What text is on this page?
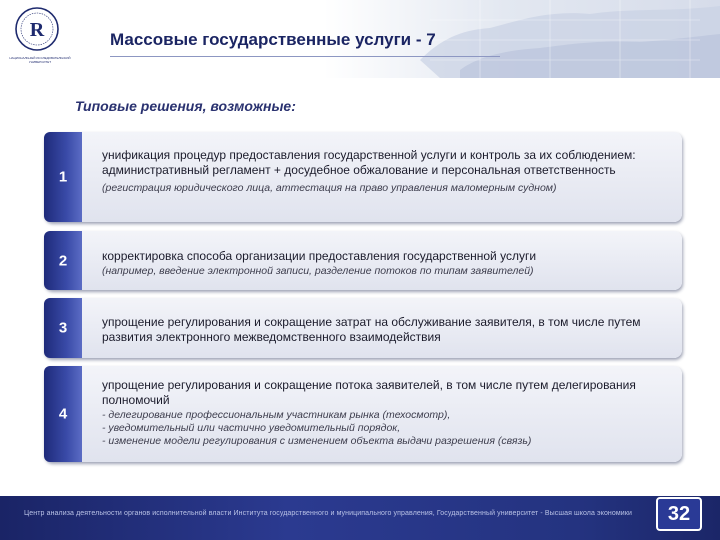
R
НАЦИОНАЛЬНЫЙ ИССЛЕДОВАТЕЛЬСКИЙ УНИВЕРСИТЕТ
Массовые государственные услуги - 7
Типовые решения, возможные:
1
унификация процедур предоставления государственной услуги и контроль за их соблюдением: административный регламент + досудебное обжалование и персональная ответственность
(регистрация юридического лица, аттестация на право управления маломерным судном)
2	корректировка способа организации предоставления государственной услуги
(например, введение электронной записи, разделение потоков по типам заявителей)
3	упрощение регулирования и сокращение затрат на обслуживание заявителя, в том числе путем развития электронного межведомственного взаимодействия
4
упрощение регулирования и сокращение потока заявителей, в том числе путем делегирования полномочий
- делегирование профессиональным участникам рынка (техосмотр),
- уведомительный или частично уведомительный порядок,
- изменение модели регулирования с изменением объекта выдачи разрешения (связь)
Центр анализа деятельности органов исполнительной власти Института государственного и муниципального управления, Государственный университет - Высшая школа экономики	32
